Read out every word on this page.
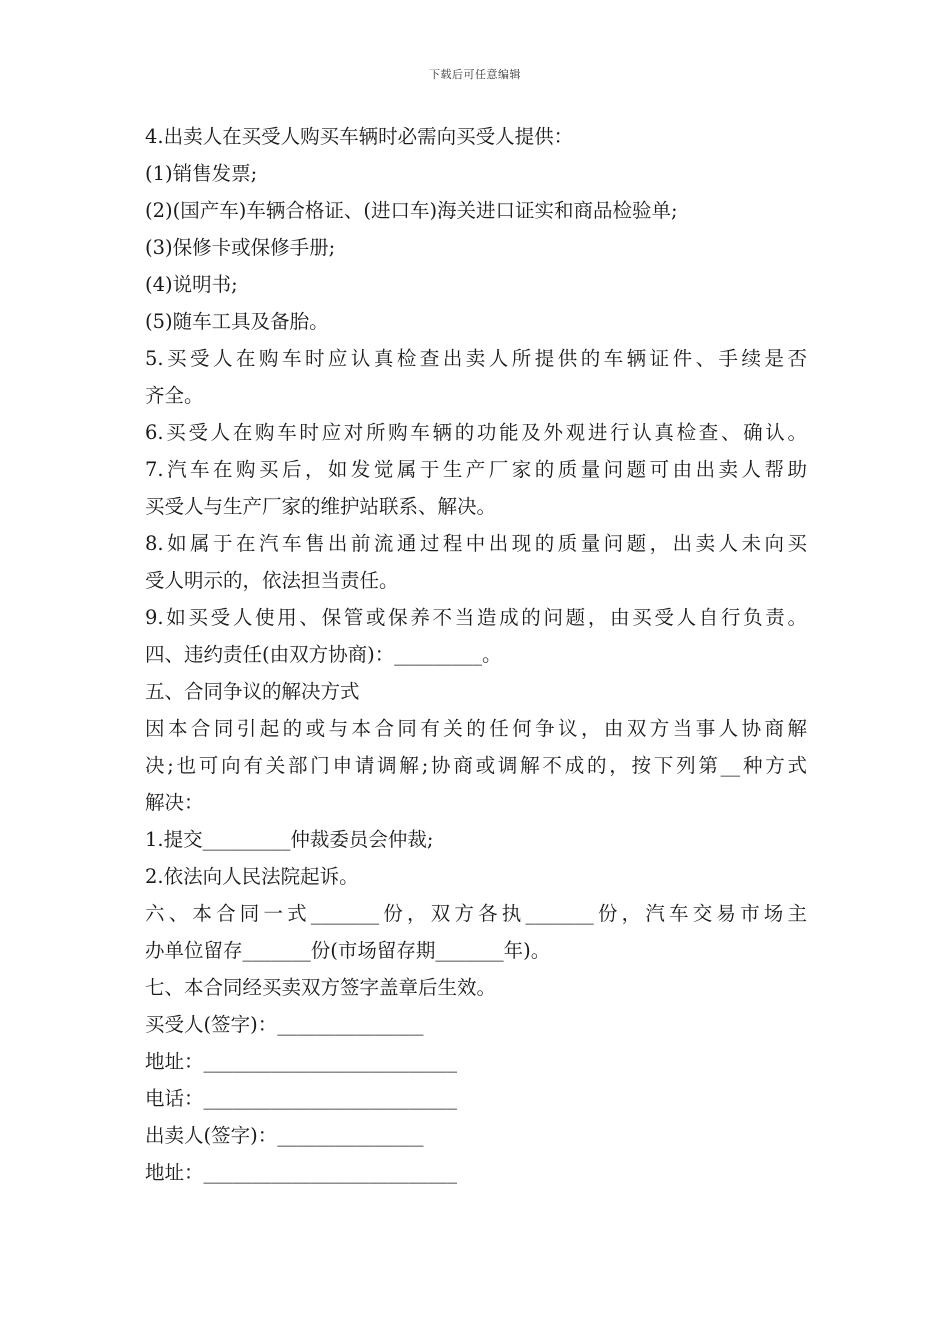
下载后可任意编辑
4.出卖人在买受人购买车辆时必需向买受人提供：
(1)销售发票;
(2)(国产车)车辆合格证、(进口车)海关进口证实和商品检验单;
(3)保修卡或保修手册;
(4)说明书;
(5)随车工具及备胎。
5.买受人在购车时应认真检查出卖人所提供的车辆证件、手续是否
齐全。
6.买受人在购车时应对所购车辆的功能及外观进行认真检查、确认。
7.汽车在购买后，如发觉属于生产厂家的质量问题可由出卖人帮助
买受人与生产厂家的维护站联系、解决。
8.如属于在汽车售出前流通过程中出现的质量问题，出卖人未向买
受人明示的，依法担当责任。
9.如买受人使用、保管或保养不当造成的问题，由买受人自行负责。
四、违约责任(由双方协商)：_________。
五、合同争议的解决方式
因本合同引起的或与本合同有关的任何争议，由双方当事人协商解
决;也可向有关部门申请调解;协商或调解不成的，按下列第__种方式
解决：
1.提交_________仲裁委员会仲裁;
2.依法向人民法院起诉。
六、本合同一式_______份，双方各执_______份，汽车交易市场主
办单位留存_______份(市场留存期_______年)。
七、本合同经买卖双方签字盖章后生效。
买受人(签字)：_______________
地址：__________________________
电话：__________________________
出卖人(签字)：_______________
地址：__________________________
